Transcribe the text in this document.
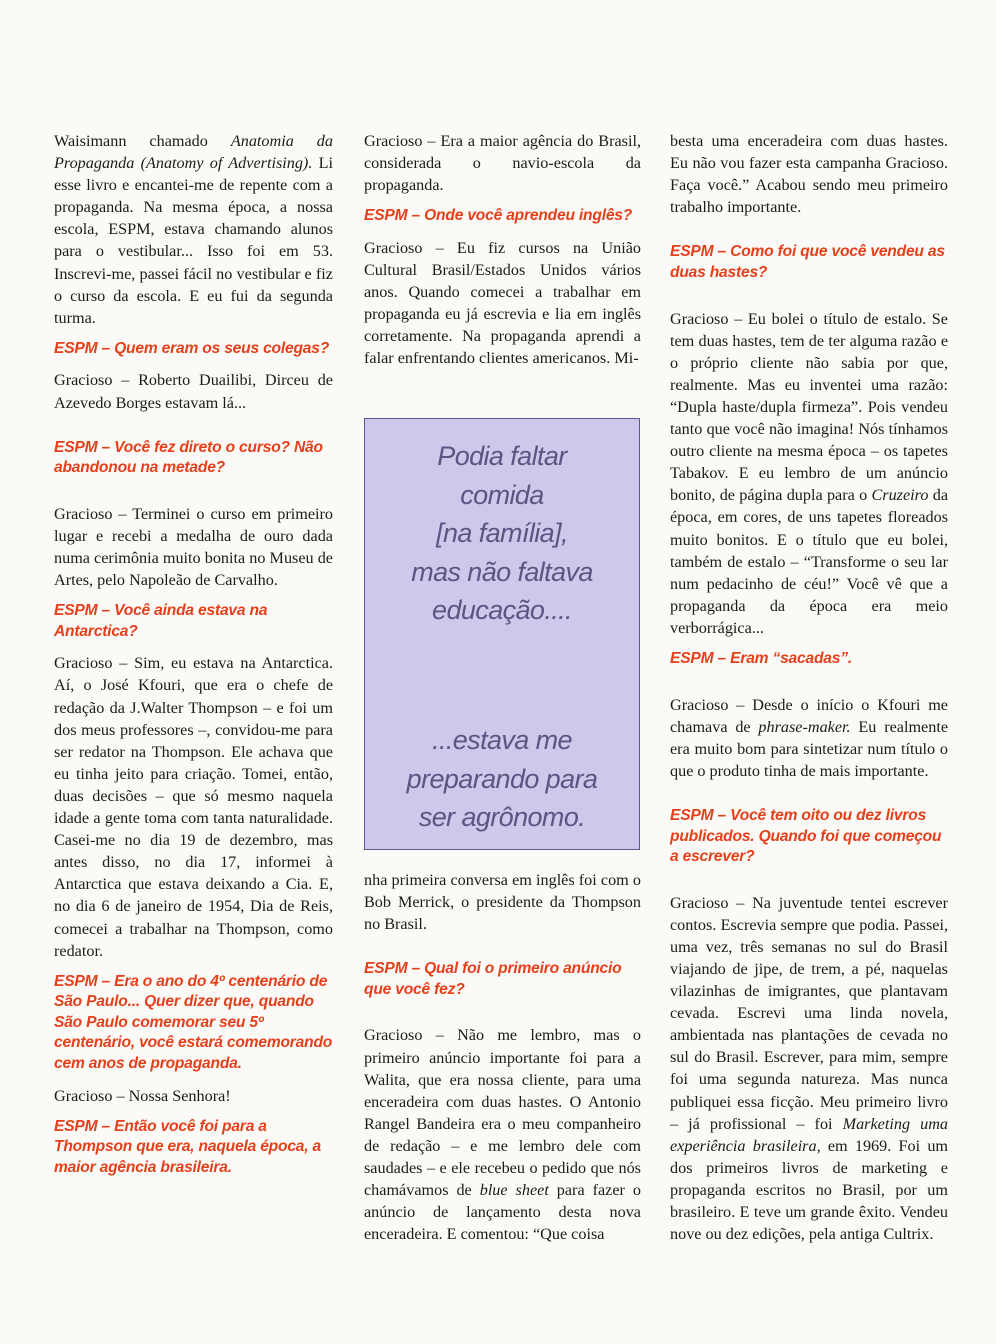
Waisimann chamado Anatomia da Propaganda (Anatomy of Advertising). Li esse livro e encantei-me de repente com a propaganda. Na mesma época, a nossa escola, ESPM, estava chamando alunos para o vestibular... Isso foi em 53. Inscrevi-me, passei fácil no vestibular e fiz o curso da escola. E eu fui da segunda turma.

ESPM – Quem eram os seus colegas?

Gracioso – Roberto Duailibi, Dirceu de Azevedo Borges estavam lá...

ESPM – Você fez direto o curso? Não abandonou na metade?

Gracioso – Terminei o curso em primeiro lugar e recebi a medalha de ouro dada numa cerimônia muito bonita no Museu de Artes, pelo Napoleão de Carvalho.

ESPM – Você ainda estava na Antarctica?

Gracioso – Sim, eu estava na Antarctica. Aí, o José Kfouri, que era o chefe de redação da J.Walter Thompson – e foi um dos meus professores –, convidou-me para ser redator na Thompson. Ele achava que eu tinha jeito para criação. Tomei, então, duas decisões – que só mesmo naquela idade a gente toma com tanta naturalidade. Casei-me no dia 19 de dezembro, mas antes disso, no dia 17, informei à Antarctica que estava deixando a Cia. E, no dia 6 de janeiro de 1954, Dia de Reis, comecei a trabalhar na Thompson, como redator.

ESPM – Era o ano do 4º centenário de São Paulo... Quer dizer que, quando São Paulo comemorar seu 5º centenário, você estará comemorando cem anos de propaganda.

Gracioso – Nossa Senhora!

ESPM – Então você foi para a Thompson que era, naquela época, a maior agência brasileira.

Gracioso – Era a maior agência do Brasil, considerada o navio-escola da propaganda.

ESPM – Onde você aprendeu inglês?

Gracioso – Eu fiz cursos na União Cultural Brasil/Estados Unidos vários anos. Quando comecei a trabalhar em propaganda eu já escrevia e lia em inglês corretamente. Na propaganda aprendi a falar enfrentando clientes americanos. Mi-

Podia faltar
comida
[na família],
mas não faltava
educação....
...estava me
preparando para
ser agrônomo.

nha primeira conversa em inglês foi com o Bob Merrick, o presidente da Thompson no Brasil.

ESPM – Qual foi o primeiro anúncio que você fez?

Gracioso – Não me lembro, mas o primeiro anúncio importante foi para a Walita, que era nossa cliente, para uma enceradeira com duas hastes. O Antonio Rangel Bandeira era o meu companheiro de redação – e me lembro dele com saudades – e ele recebeu o pedido que nós chamávamos de blue sheet para fazer o anúncio de lançamento desta nova enceradeira. E comentou: “Que coisa

besta uma enceradeira com duas hastes. Eu não vou fazer esta campanha Gracioso. Faça você.” Acabou sendo meu primeiro trabalho importante.

ESPM – Como foi que você vendeu as duas hastes?

Gracioso – Eu bolei o título de estalo. Se tem duas hastes, tem de ter alguma razão e o próprio cliente não sabia por que, realmente. Mas eu inventei uma razão: “Dupla haste/dupla firmeza”. Pois vendeu tanto que você não imagina! Nós tínhamos outro cliente na mesma época – os tapetes Tabakov. E eu lembro de um anúncio bonito, de página dupla para o Cruzeiro da época, em cores, de uns tapetes floreados muito bonitos. E o título que eu bolei, também de estalo – “Transforme o seu lar num pedacinho de céu!” Você vê que a propaganda da época era meio verborrágica...

ESPM – Eram “sacadas”.

Gracioso – Desde o início o Kfouri me chamava de phrase-maker. Eu realmente era muito bom para sintetizar num título o que o produto tinha de mais importante.

ESPM – Você tem oito ou dez livros publicados. Quando foi que começou a escrever?

Gracioso – Na juventude tentei escrever contos. Escrevia sempre que podia. Passei, uma vez, três semanas no sul do Brasil viajando de jipe, de trem, a pé, naquelas vilazinhas de imigrantes, que plantavam cevada. Escrevi uma linda novela, ambientada nas plantações de cevada no sul do Brasil. Escrever, para mim, sempre foi uma segunda natureza. Mas nunca publiquei essa ficção. Meu primeiro livro – já profissional – foi Marketing uma experiência brasileira, em 1969. Foi um dos primeiros livros de marketing e propaganda escritos no Brasil, por um brasileiro. E teve um grande êxito. Vendeu nove ou dez edições, pela antiga Cultrix.
